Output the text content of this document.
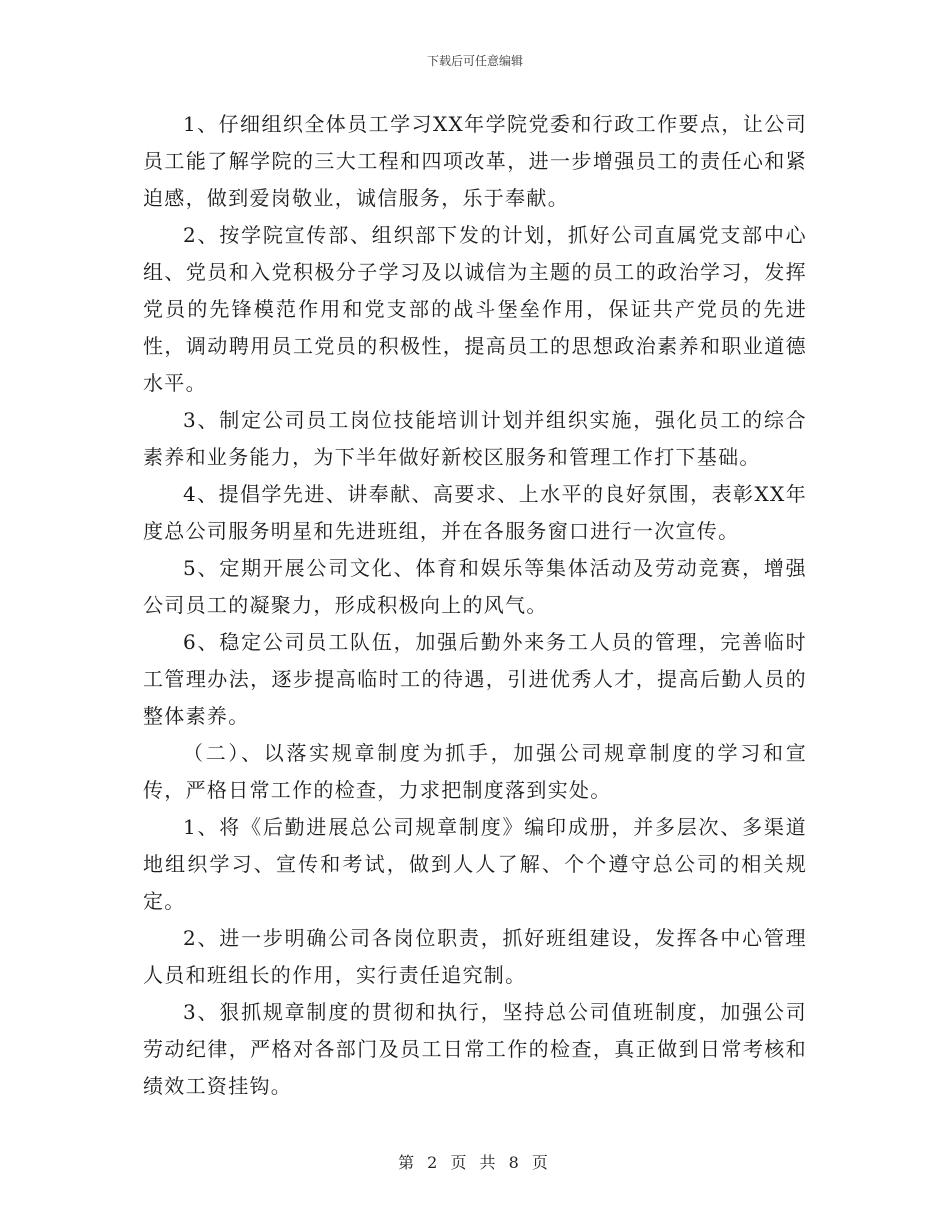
下载后可任意编辑

1、仔细组织全体员工学习XX年学院党委和行政工作要点，让公司员工能了解学院的三大工程和四项改革，进一步增强员工的责任心和紧迫感，做到爱岗敬业，诚信服务，乐于奉献。

2、按学院宣传部、组织部下发的计划，抓好公司直属党支部中心组、党员和入党积极分子学习及以诚信为主题的员工的政治学习，发挥党员的先锋模范作用和党支部的战斗堡垒作用，保证共产党员的先进性，调动聘用员工党员的积极性，提高员工的思想政治素养和职业道德水平。

3、制定公司员工岗位技能培训计划并组织实施，强化员工的综合素养和业务能力，为下半年做好新校区服务和管理工作打下基础。

4、提倡学先进、讲奉献、高要求、上水平的良好氛围，表彰XX年度总公司服务明星和先进班组，并在各服务窗口进行一次宣传。

5、定期开展公司文化、体育和娱乐等集体活动及劳动竞赛，增强公司员工的凝聚力，形成积极向上的风气。

6、稳定公司员工队伍，加强后勤外来务工人员的管理，完善临时工管理办法，逐步提高临时工的待遇，引进优秀人才，提高后勤人员的整体素养。

（二）、以落实规章制度为抓手，加强公司规章制度的学习和宣传，严格日常工作的检查，力求把制度落到实处。

1、将《后勤进展总公司规章制度》编印成册，并多层次、多渠道地组织学习、宣传和考试，做到人人了解、个个遵守总公司的相关规定。

2、进一步明确公司各岗位职责，抓好班组建设，发挥各中心管理人员和班组长的作用，实行责任追究制。

3、狠抓规章制度的贯彻和执行，坚持总公司值班制度，加强公司劳动纪律，严格对各部门及员工日常工作的检查，真正做到日常考核和绩效工资挂钩。

第 2 页 共 8 页
